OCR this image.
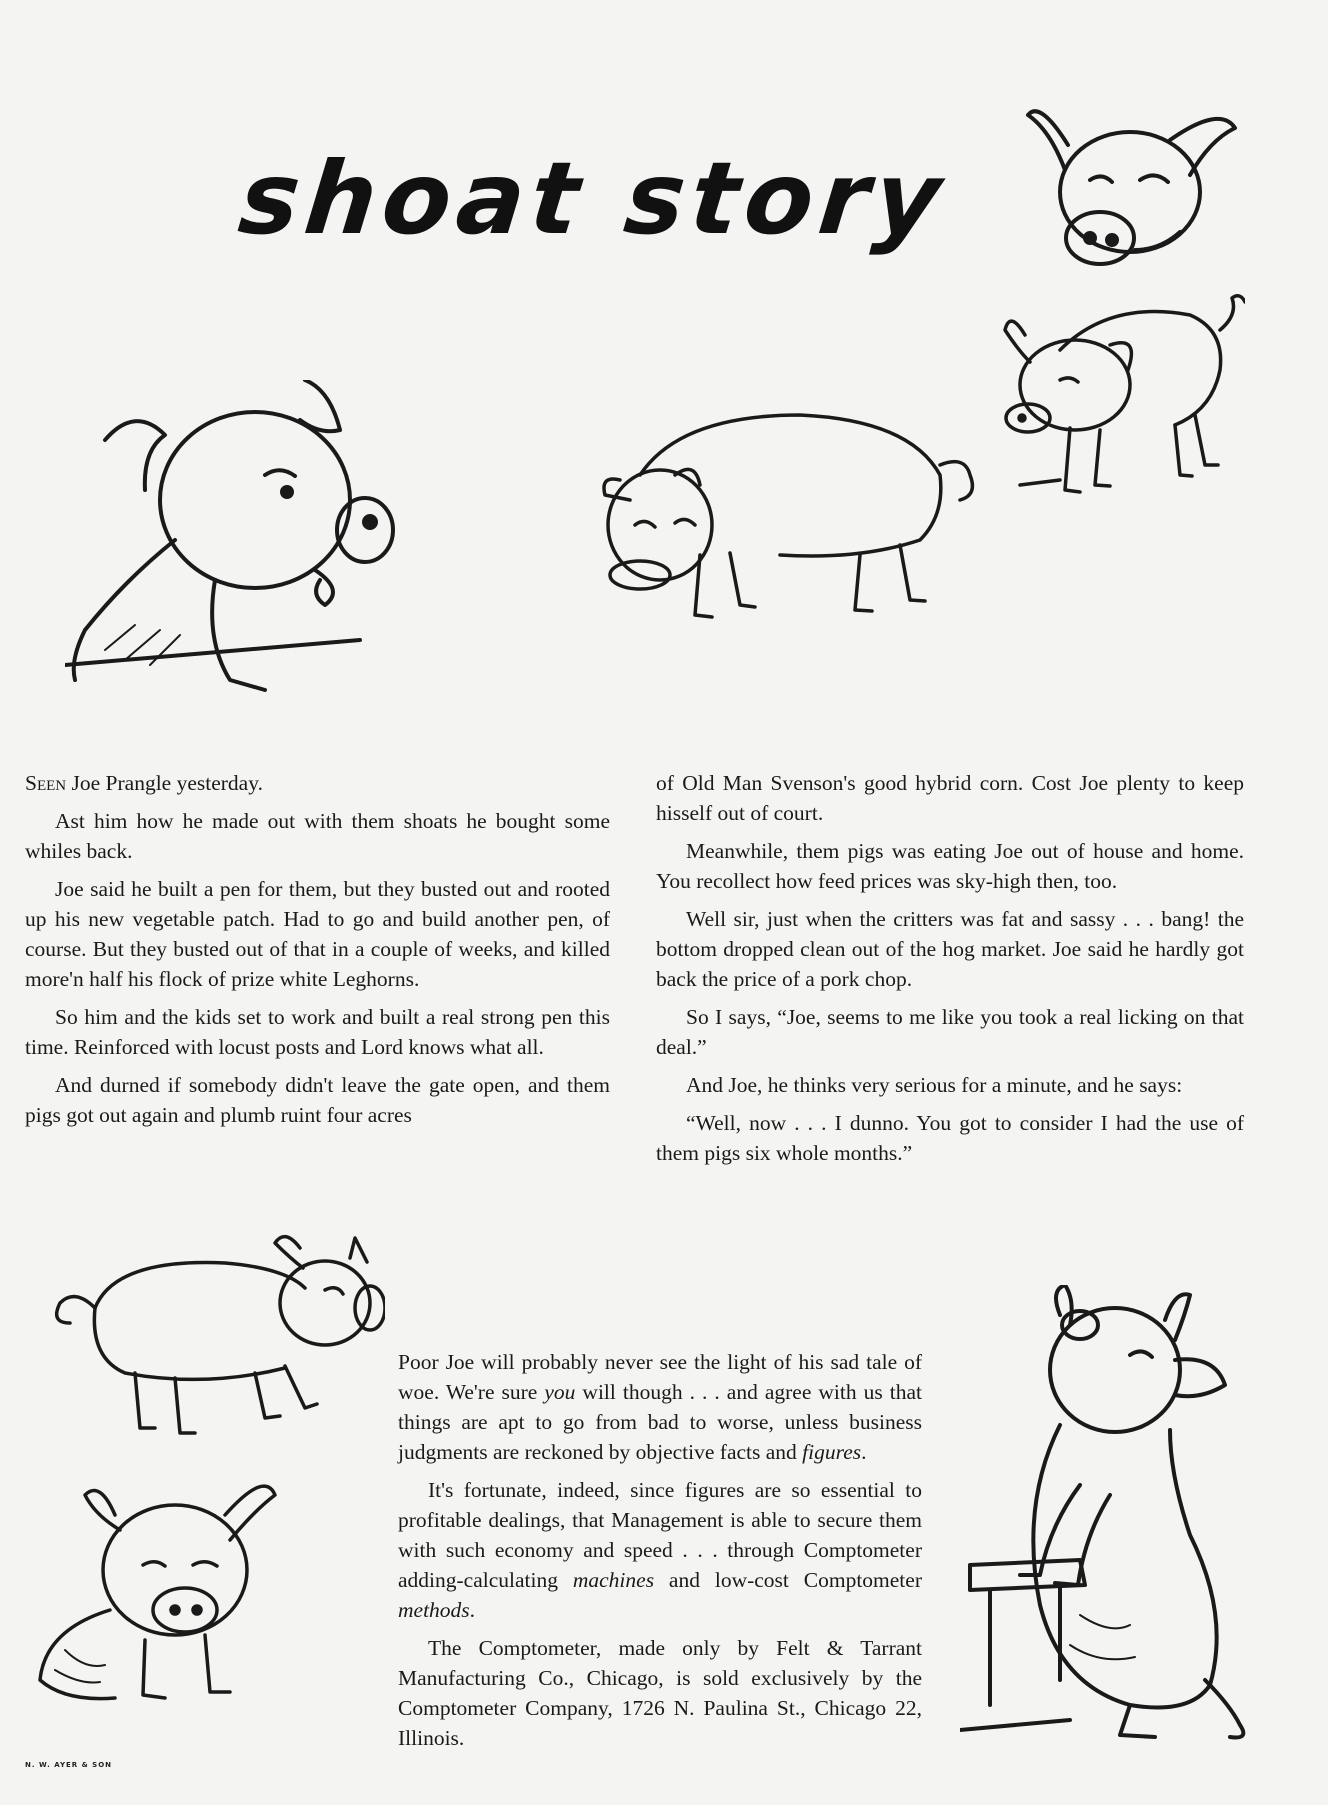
shoat story

Seen Joe Prangle yesterday.

Ast him how he made out with them shoats he bought some whiles back.

Joe said he built a pen for them, but they busted out and rooted up his new vegetable patch. Had to go and build another pen, of course. But they busted out of that in a couple of weeks, and killed more'n half his flock of prize white Leghorns.

So him and the kids set to work and built a real strong pen this time. Reinforced with locust posts and Lord knows what all.

And durned if somebody didn't leave the gate open, and them pigs got out again and plumb ruint four acres

of Old Man Svenson's good hybrid corn. Cost Joe plenty to keep hisself out of court.

Meanwhile, them pigs was eating Joe out of house and home. You recollect how feed prices was sky-high then, too.

Well sir, just when the critters was fat and sassy . . . bang! the bottom dropped clean out of the hog market. Joe said he hardly got back the price of a pork chop.

So I says, “Joe, seems to me like you took a real licking on that deal.”

And Joe, he thinks very serious for a minute, and he says:

“Well, now . . . I dunno. You got to consider I had the use of them pigs six whole months.”

Poor Joe will probably never see the light of his sad tale of woe. We're sure you will though . . . and agree with us that things are apt to go from bad to worse, unless business judgments are reckoned by objective facts and figures.

It's fortunate, indeed, since figures are so essential to profitable dealings, that Management is able to secure them with such economy and speed . . . through Comptometer adding-calculating machines and low-cost Comptometer methods.

The Comptometer, made only by Felt & Tarrant Manufacturing Co., Chicago, is sold exclusively by the Comptometer Company, 1726 N. Paulina St., Chicago 22, Illinois.

N. W. AYER & SON
